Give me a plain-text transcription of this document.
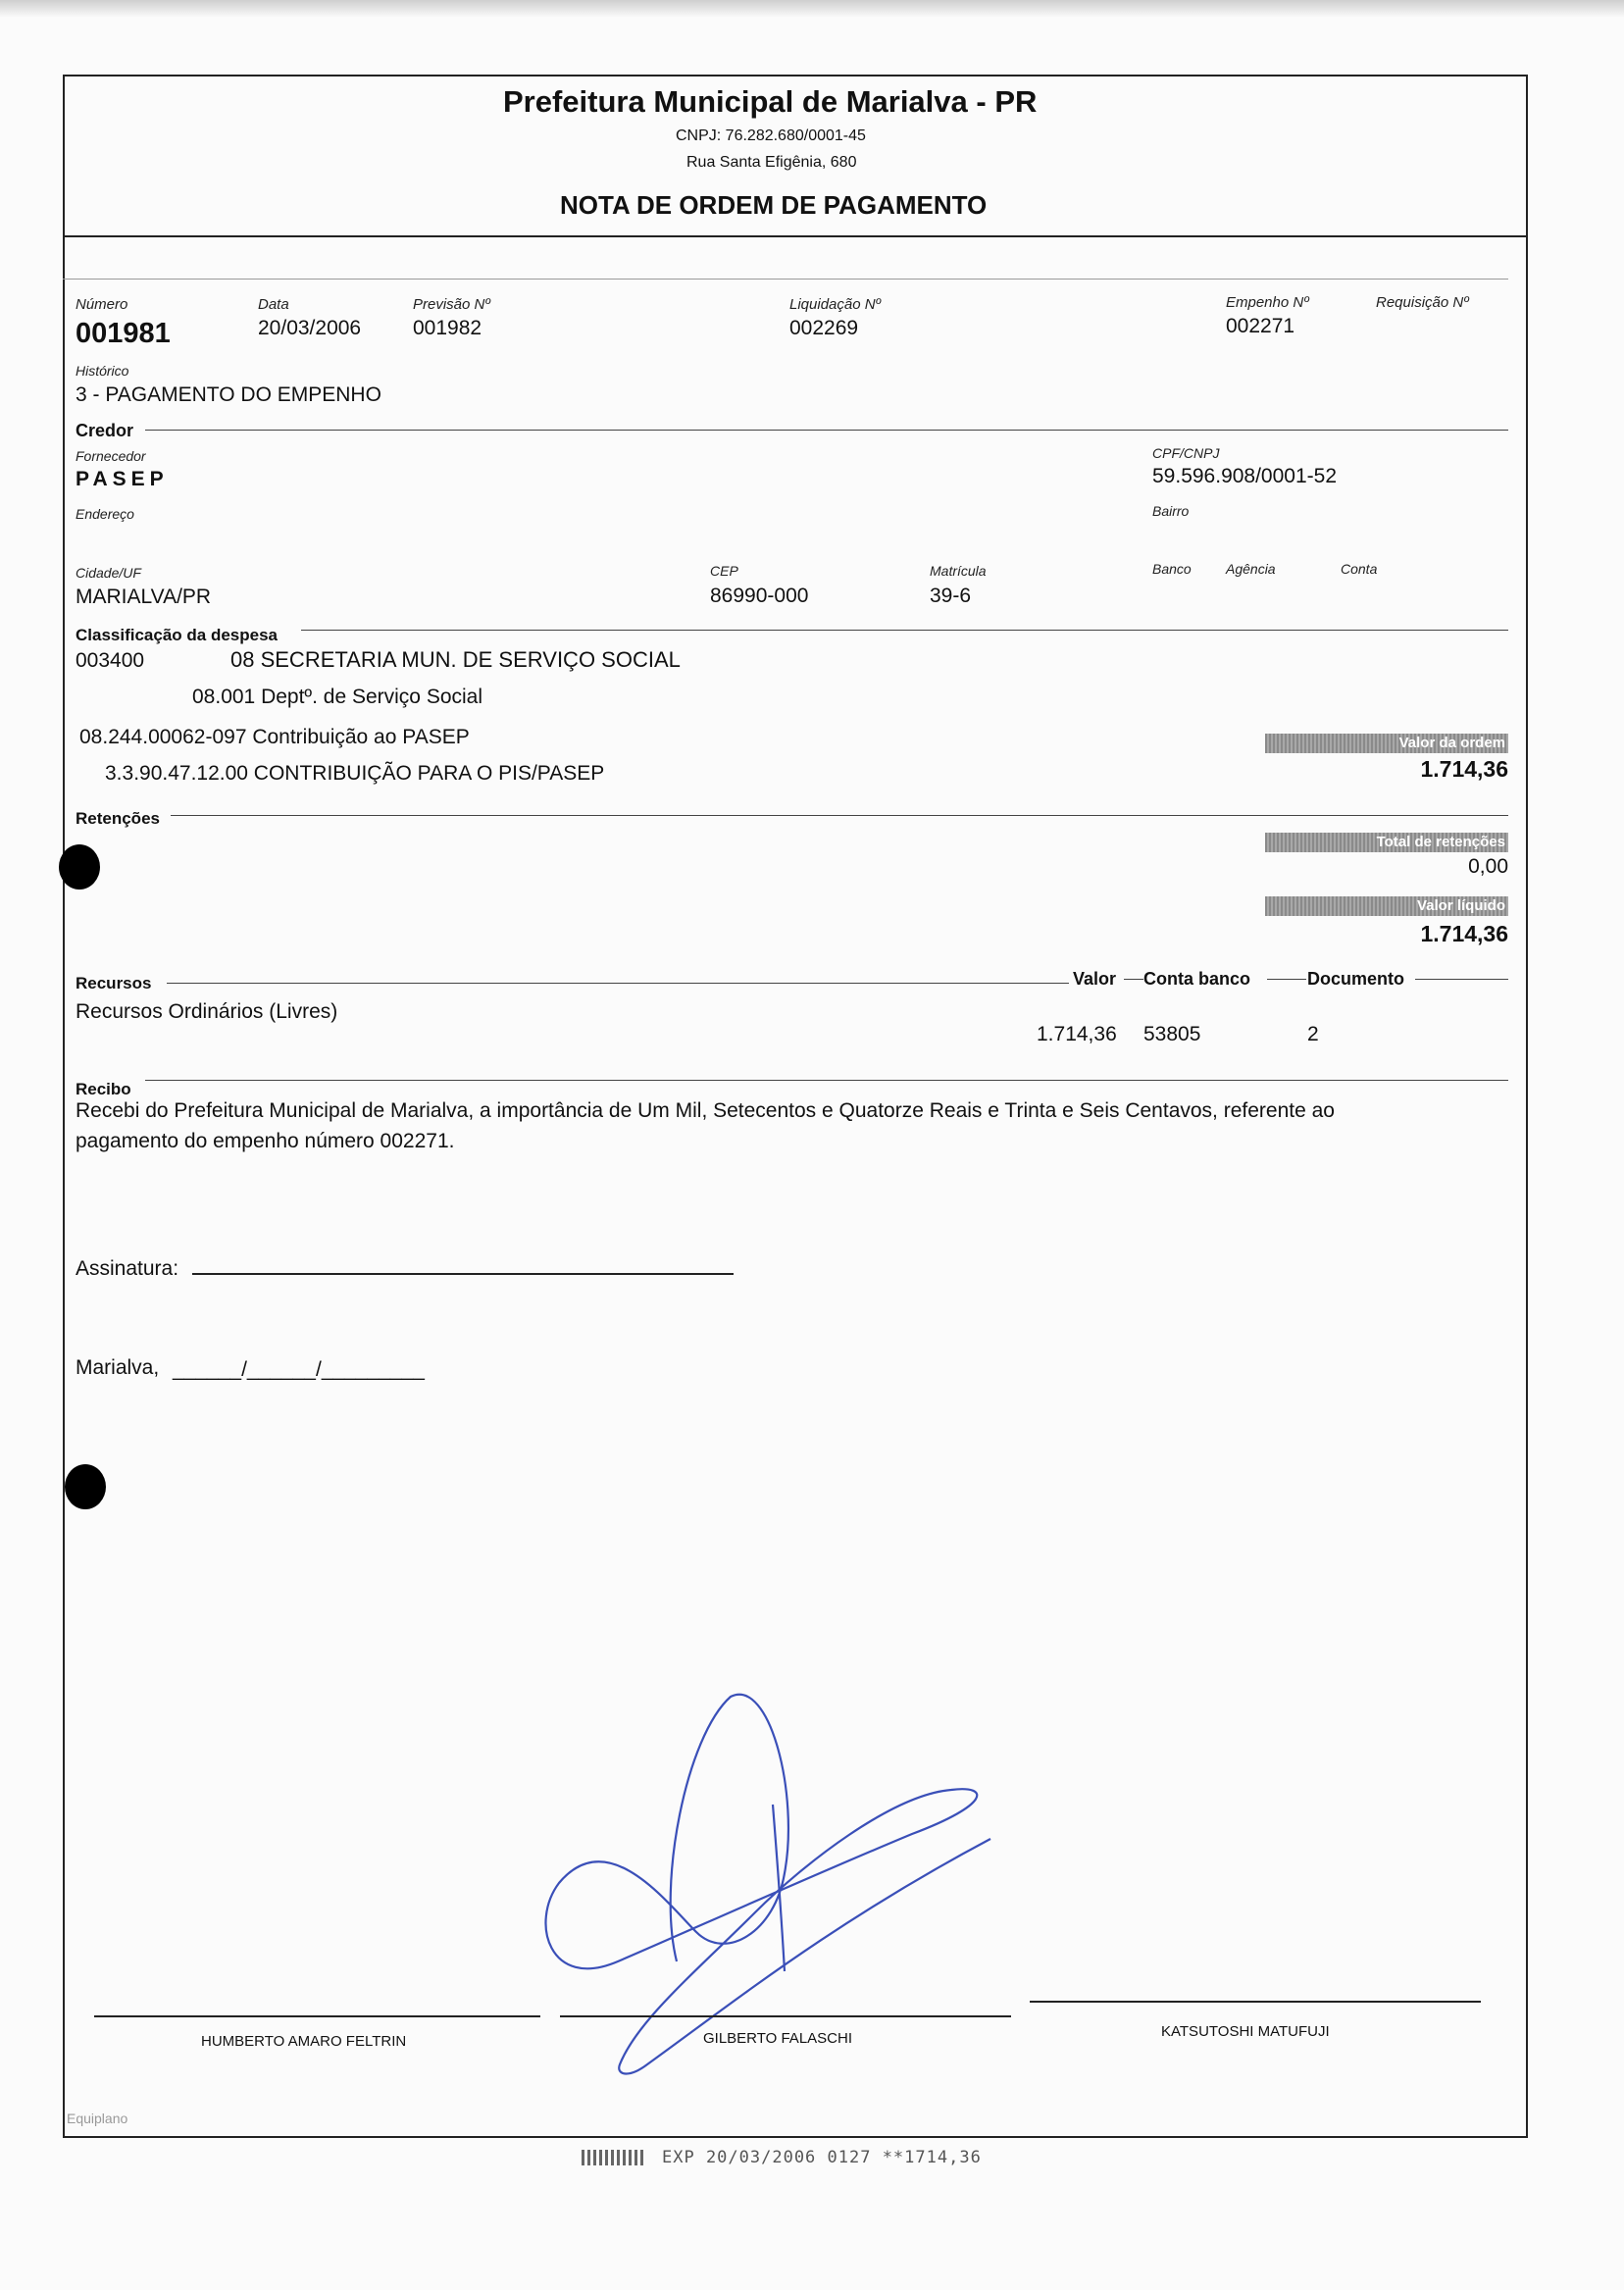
Prefeitura Municipal de Marialva - PR
CNPJ: 76.282.680/0001-45
Rua Santa Efigênia, 680
NOTA DE ORDEM DE PAGAMENTO
Número
001981
Data
20/03/2006
Previsão Nº
001982
Liquidação Nº
002269
Empenho Nº
002271
Requisição Nº
Histórico
3 - PAGAMENTO DO EMPENHO
Credor
Fornecedor
PASEP
CPF/CNPJ
59.596.908/0001-52
Endereço	Bairro
Cidade/UF
MARIALVA/PR
CEP
86990-000
Matrícula
39-6
Banco	Agência	Conta
Classificação da despesa
003400	08 SECRETARIA MUN. DE SERVIÇO SOCIAL
08.001 Deptº. de Serviço Social
08.244.00062-097 Contribuição ao PASEP
3.3.90.47.12.00 CONTRIBUIÇÃO PARA O PIS/PASEP
Valor da ordem
1.714,36
Retenções
Total de retenções
0,00
Valor líquido
1.714,36
Recursos	Valor Conta banco	Documento
Recursos Ordinários (Livres)
1.714,36 53805	2
Recibo
Recebi do Prefeitura Municipal de Marialva, a importância de Um Mil, Setecentos e Quatorze Reais e Trinta e Seis Centavos, referente ao
pagamento do empenho número 002271.
Assinatura:
Marialva, ______/______/_________
HUMBERTO AMARO FELTRIN	GILBERTO FALASCHI	KATSUTOSHI MATUFUJI
Equiplano
EXP 20/03/2006 0127 **1714,36
